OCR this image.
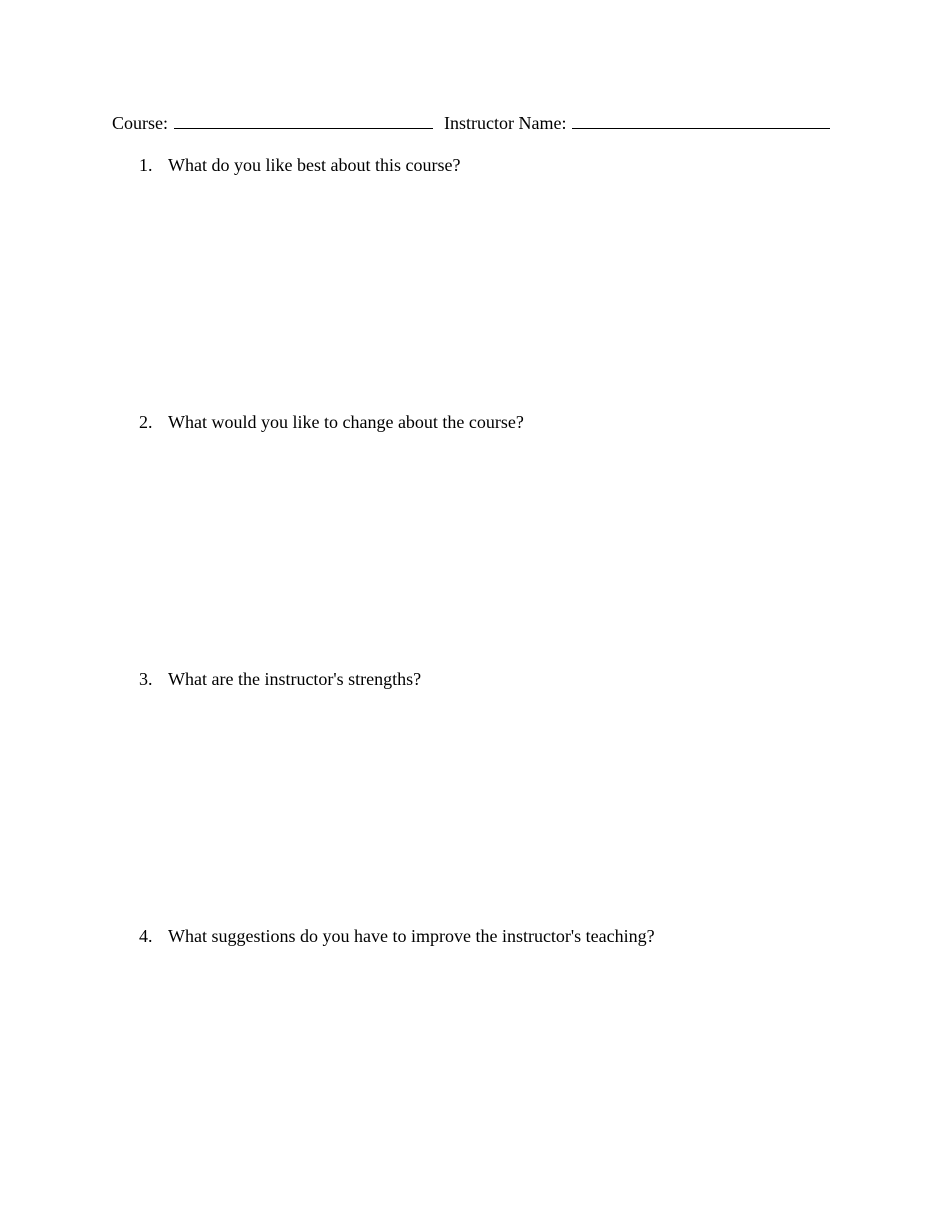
Course:	Instructor Name:
1. What do you like best about this course?
2. What would you like to change about the course?
3. What are the instructor's strengths?
4. What suggestions do you have to improve the instructor's teaching?
